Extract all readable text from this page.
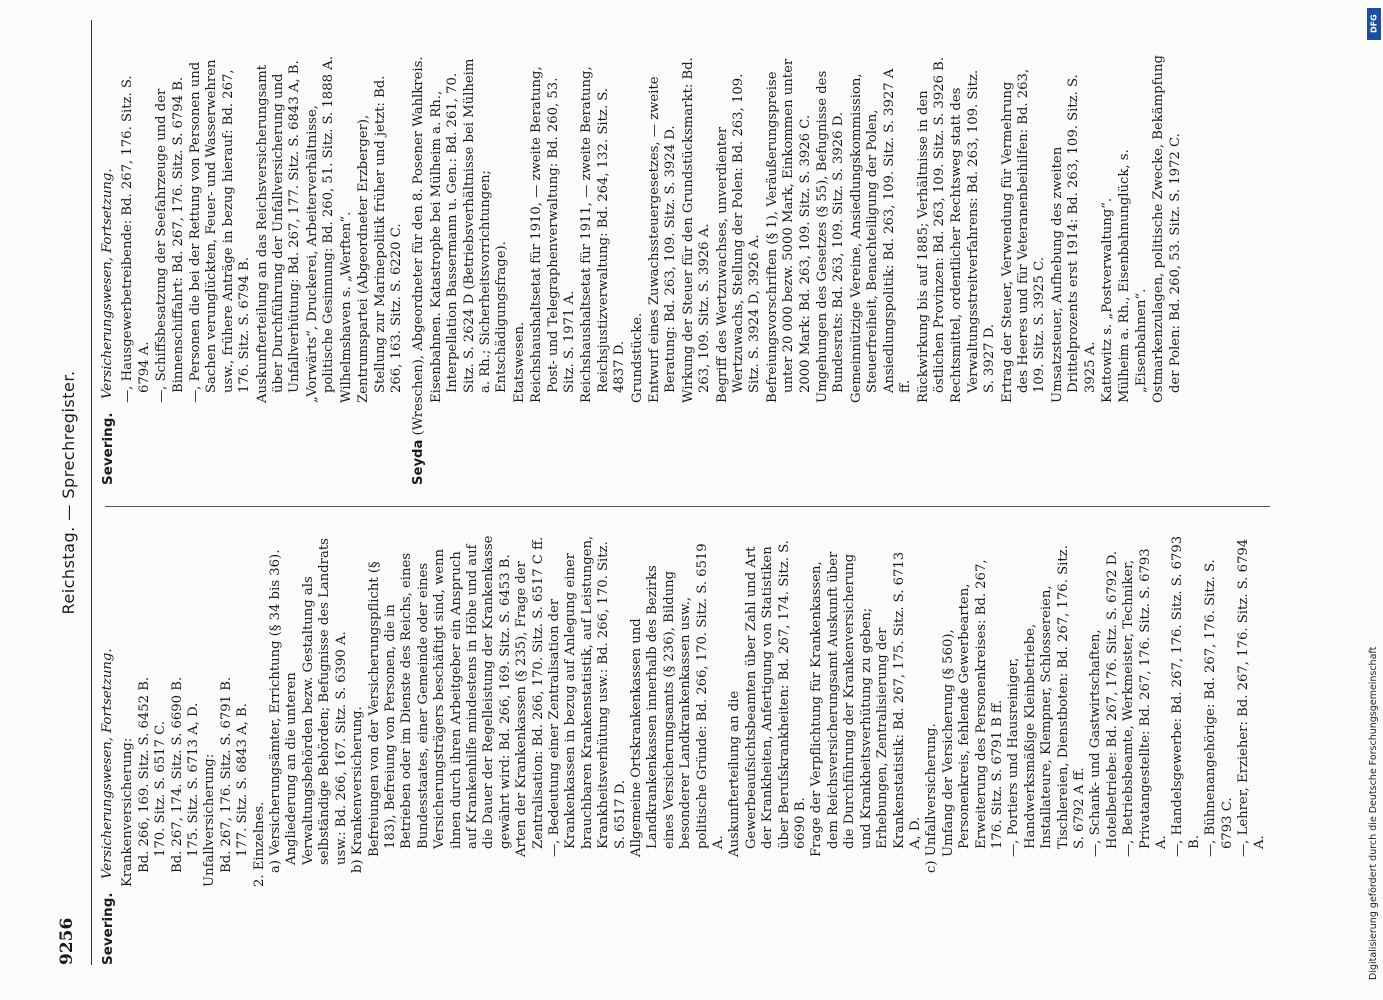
9256
Reichstag. — Sprechregister.
Severing.
Versicherungswesen, Fortsetzung. Krankenversicherung: Bd. 266, 169. Sitz. S. 6452 B. 170. Sitz. S. 6517 C. Bd. 267, 174. Sitz. S. 6690 B. 175. Sitz. S. 6713 A, D. Unfallversicherung: Bd. 267, 176. Sitz. S. 6791 B. 177. Sitz. S. 6843 A, B. 2. Einzelnes. a) Versicherungsämter, Errichtung (§ 34 bis 36). Angliederung an die unteren Verwaltungsbehörden bezw. Gestaltung als selbständige Behörden; Befugnisse des Landrats usw.: Bd. 266, 167. Sitz. S. 6390 A. b) Krankenversicherung. Befreiungen von der Versicherungspflicht (§ 183), Befreiung von Personen, die in Betrieben oder im Dienste des Reichs, eines Bundesstaates, einer Gemeinde oder eines Versicherungsträgers beschäftigt sind, wenn ihnen durch ihren Arbeitgeber ein Anspruch auf Krankenhilfe mindestens in Höhe und auf die Dauer der Regelleistung der Krankenkasse gewährt wird: Bd. 266, 169. Sitz. S. 6453 B. Arten der Krankenkassen (§ 235), Frage der Zentralisation: Bd. 266, 170. Sitz. S. 6517 C ff. —, Bedeutung einer Zentralisation der Krankenkassen in bezug auf Anlegung einer brauchbaren Krankenstatistik, auf Leistungen, Krankheitsverhütung usw.: Bd. 266, 170. Sitz. S. 6517 D. Allgemeine Ortskrankenkassen und Landkrankenkassen innerhalb des Bezirks eines Versicherungsamts (§ 236), Bildung besonderer Landkrankenkassen usw., politische Gründe: Bd. 266, 170. Sitz. S. 6519 A. Auskunfterteilung an die Gewerbeaufsichtsbeamten über Zahl und Art der Krankheiten, Anfertigung von Statistiken über Berufskrankheiten: Bd. 267, 174. Sitz. S. 6690 B. Frage der Verpflichtung für Krankenkassen, dem Reichsversicherungsamt Auskunft über die Durchführung der Krankenversicherung und Krankheitsverhütung zu geben; Erhebungen, Zentralisierung der Krankenstatistik: Bd. 267, 175. Sitz. S. 6713 A, D. c) Unfallversicherung. Umfang der Versicherung (§ 560), Personenkreis, fehlende Gewerbearten, Erweiterung des Personenkreises: Bd. 267, 176. Sitz. S. 6791 B ff. —, Portiers und Hausreiniger, Handwerksmäßige Kleinbetriebe, Installateure, Klempner, Schlossereien, Tischlereien, Dienstboten: Bd. 267, 176. Sitz. S. 6792 A ff. —, Schank- und Gastwirtschaften, Hotelbetriebe: Bd. 267, 176. Sitz. S. 6792 D. —, Betriebsbeamte, Werkmeister, Techniker, Privatangestellte: Bd. 267, 176. Sitz. S. 6793 A. —, Handelsgewerbe: Bd. 267, 176. Sitz. S. 6793 B. —, Bühnenangehörige: Bd. 267, 176. Sitz. S. 6793 C. —, Lehrer, Erzieher: Bd. 267, 176. Sitz. S. 6794 A.
Severing.
Versicherungswesen, Fortsetzung. —, Hausgewerbetreibende: Bd. 267, 176. Sitz. S. 6794 A. —, Schiffsbesatzung der Seefahrzeuge und der Binnenschiffahrt: Bd. 267, 176. Sitz. S. 6794 B. —, Personen die bei der Rettung von Personen und Sachen verunglückten, Feuer- und Wasserwehren usw., frühere Anträge in bezug hierauf: Bd. 267, 176. Sitz. S. 6794 B. Auskunfterteilung an das Reichsversicherungsamt über Durchführung der Unfallversicherung und Unfallverhütung: Bd. 267, 177. Sitz. S. 6843 A, B. „Vorwärts“, Druckerei, Arbeiterverhältnisse, politische Gesinnung: Bd. 260, 51. Sitz. S. 1888 A. Wilhelmshaven s. „Werften“. Zentrumspartei (Abgeordneter Erzberger), Stellung zur Marinepolitik früher und jetzt: Bd. 266, 163. Sitz. S. 6220 C.
Seyda (Wreschen), Abgeordneter für den 8. Posener Wahlkreis. Eisenbahnen. Katastrophe bei Mülheim a. Rh., Interpellation Bassermann u. Gen.: Bd. 261, 70. Sitz. S. 2624 D (Betriebsverhältnisse bei Mülheim a. Rh.; Sicherheitsvorrichtungen; Entschädigungsfrage). Etatswesen. Reichshaushaltsetat für 1910, — zweite Beratung, Post- und Telegraphenverwaltung: Bd. 260, 53. Sitz. S. 1971 A. Reichshaushaltsetat für 1911, — zweite Beratung, Reichsjustizverwaltung: Bd. 264, 132. Sitz. S. 4837 D. Grundstücke. Entwurf eines Zuwachssteuergesetzes, — zweite Beratung: Bd. 263, 109. Sitz. S. 3924 D. Wirkung der Steuer für den Grundstücksmarkt: Bd. 263, 109. Sitz. S. 3926 A. Begriff des Wertzuwachses, unverdienter Wertzuwachs, Stellung der Polen: Bd. 263, 109. Sitz. S. 3924 D, 3926 A. Befreiungsvorschriften (§ 1), Veräußerungspreise unter 20 000 bezw. 5000 Mark, Einkommen unter 2000 Mark: Bd. 263, 109. Sitz. S. 3926 C. Umgehungen des Gesetzes (§ 55), Befugnisse des Bundesrats: Bd. 263, 109. Sitz. S. 3926 D. Gemeinnützige Vereine, Ansiedlungskommission, Steuerfreiheit, Benachteiligung der Polen, Ansiedlungspolitik: Bd. 263, 109. Sitz. S. 3927 A ff. Rückwirkung bis auf 1885; Verhältnisse in den östlichen Provinzen: Bd. 263, 109. Sitz. S. 3926 B. Rechtsmittel, ordentlicher Rechtsweg statt des Verwaltungsstreitverfahrens: Bd. 263, 109. Sitz. S. 3927 D. Ertrag der Steuer, Verwendung für Vermehrung des Heeres und für Veteranenbeihilfen: Bd. 263, 109. Sitz. S. 3925 C. Umsatzsteuer, Aufhebung des zweiten Drittelprozents erst 1914: Bd. 263, 109. Sitz. S. 3925 A. Kattowitz s. „Postverwaltung“. Mülheim a. Rh., Eisenbahnunglück, s. „Eisenbahnen“. Ostmarkenzulagen, politische Zwecke, Bekämpfung der Polen: Bd. 260, 53. Sitz. S. 1972 C.
DFG
Digitalisierung gefördert durch die Deutsche Forschungsgemeinschaft
